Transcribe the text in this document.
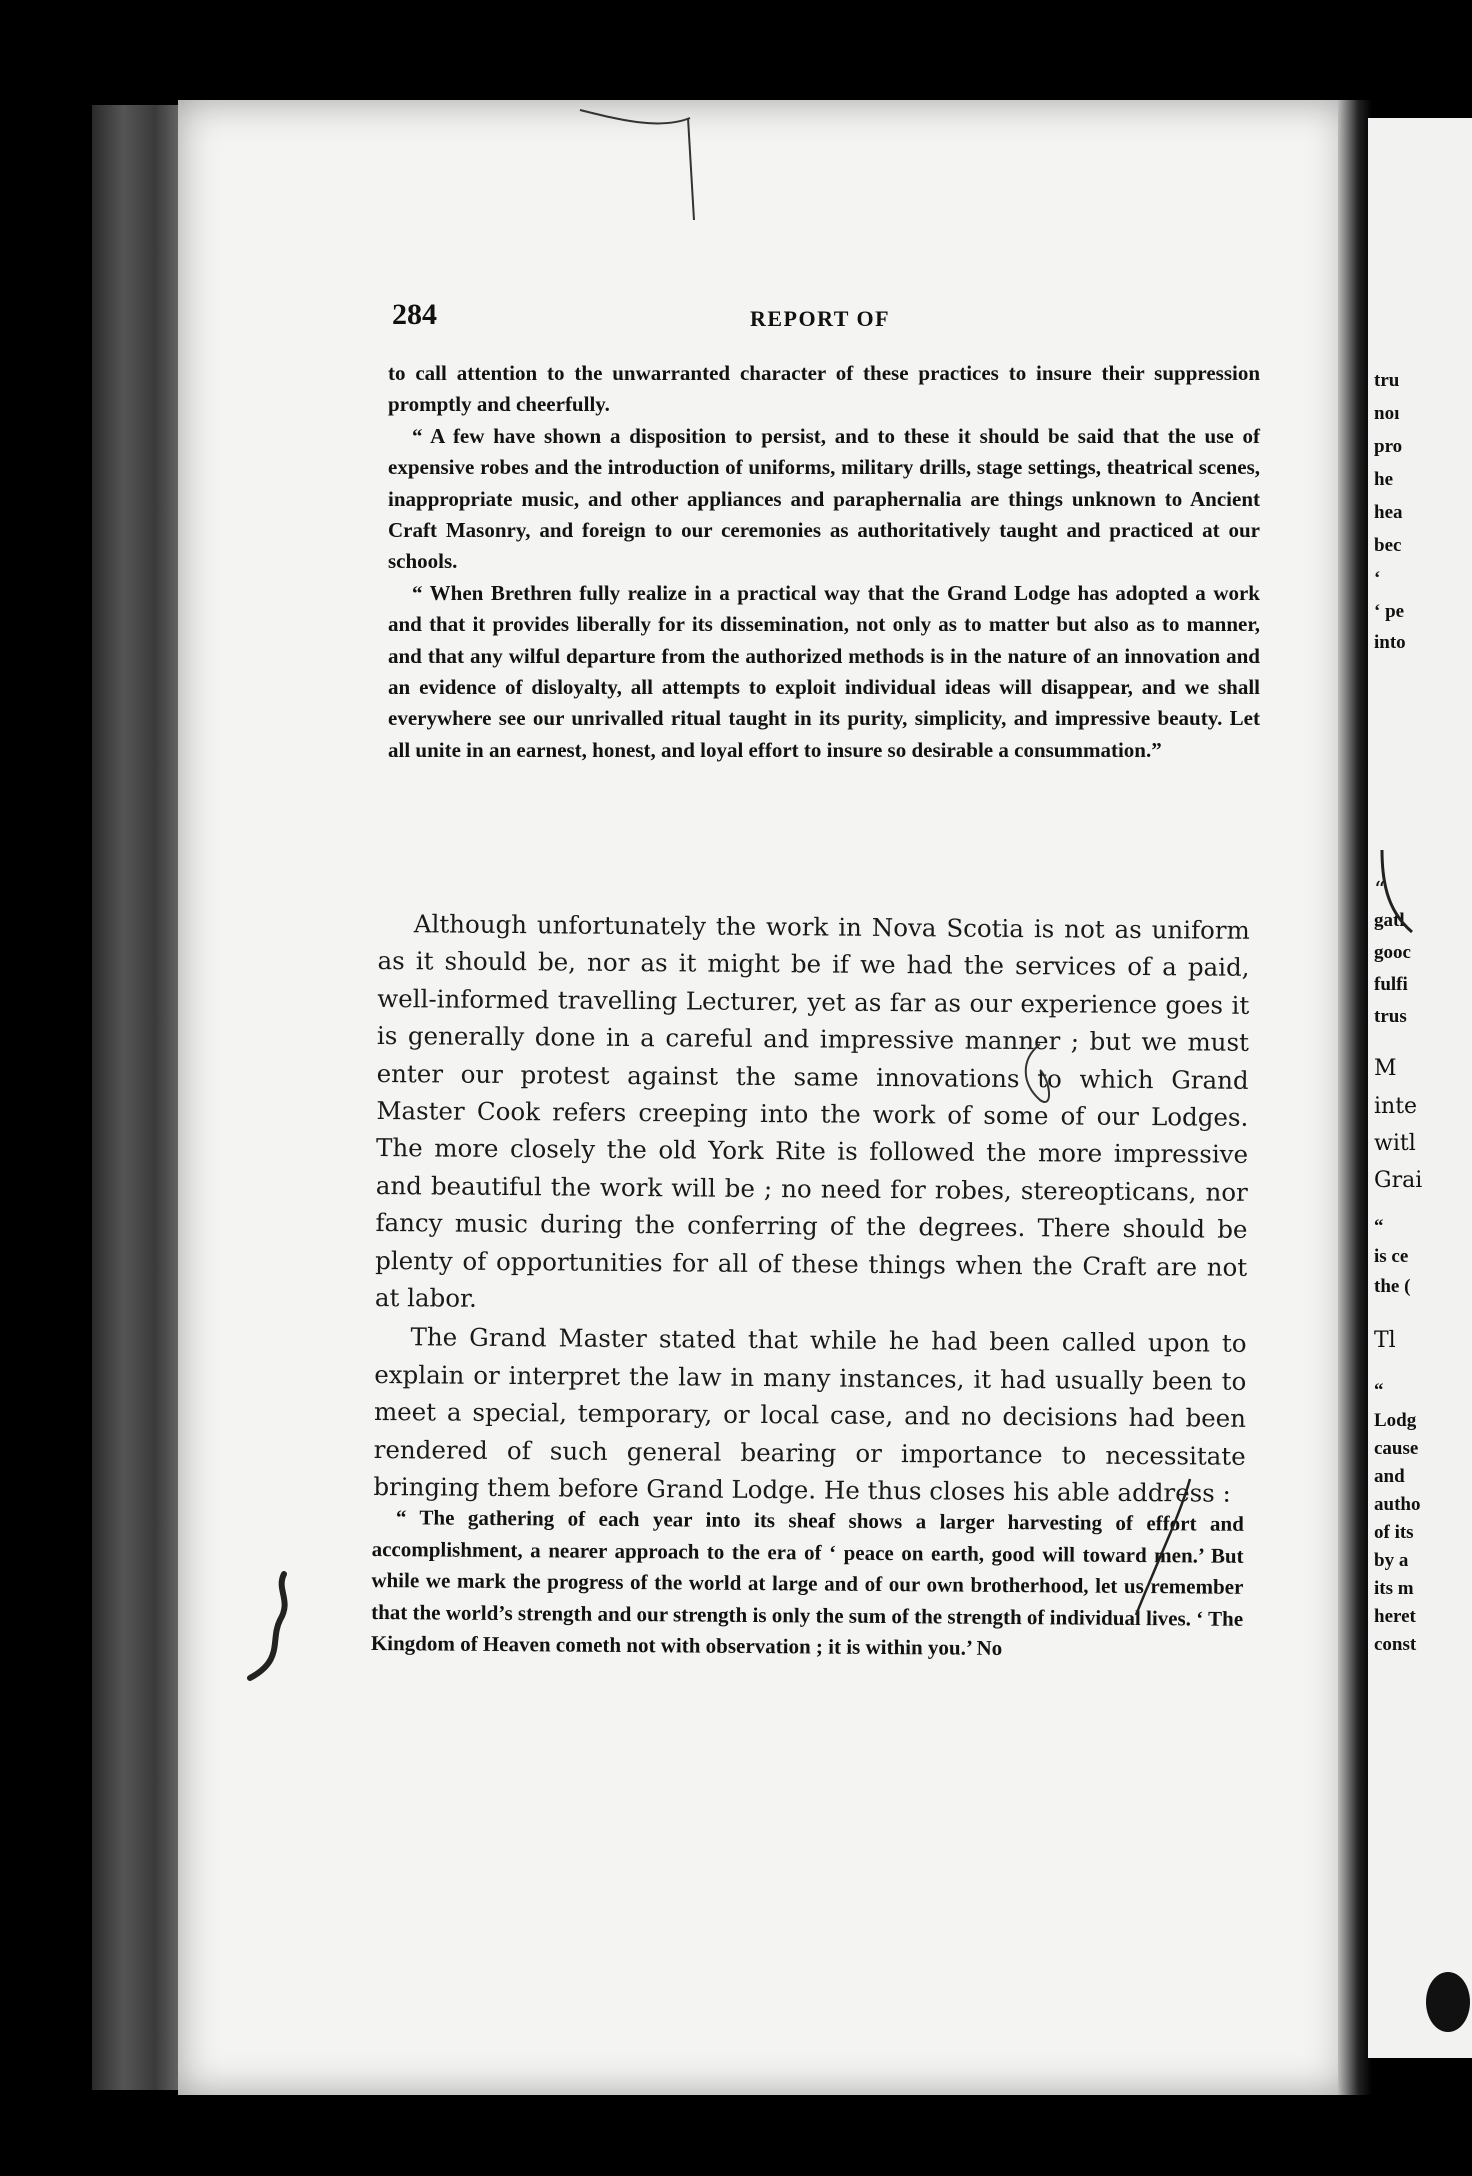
tru
noı
pro
he
hea
bec
‘
‘ pe
into
“
gatl
gooc
fulfi
trus
M
inte
witl
Grai
“
is ce
the (
Tl
“
Lodg
cause
and
autho
of its
by a
its m
heret
const
284	REPORT OF

to call attention to the unwarranted character of these practices to insure their suppression promptly and cheerfully.

“ A few have shown a disposition to persist, and to these it should be said that the use of expensive robes and the introduction of uniforms, military drills, stage settings, theatrical scenes, inappropriate music, and other appliances and paraphernalia are things unknown to Ancient Craft Masonry, and foreign to our ceremonies as authoritatively taught and practiced at our schools.

“ When Brethren fully realize in a practical way that the Grand Lodge has adopted a work and that it provides liberally for its dissemination, not only as to matter but also as to manner, and that any wilful departure from the authorized methods is in the nature of an innovation and an evidence of disloyalty, all attempts to exploit individual ideas will disappear, and we shall everywhere see our unrivalled ritual taught in its purity, simplicity, and impressive beauty. Let all unite in an earnest, honest, and loyal effort to insure so desirable a consummation.”

Although unfortunately the work in Nova Scotia is not as uniform as it should be, nor as it might be if we had the services of a paid, well-informed travelling Lecturer, yet as far as our experience goes it is generally done in a careful and impressive manner ; but we must enter our protest against the same innovations to which Grand Master Cook refers creeping into the work of some of our Lodges. The more closely the old York Rite is followed the more impressive and beautiful the work will be ; no need for robes, stereopticans, nor fancy music during the conferring of the degrees. There should be plenty of opportunities for all of these things when the Craft are not at labor.

The Grand Master stated that while he had been called upon to explain or interpret the law in many instances, it had usually been to meet a special, temporary, or local case, and no decisions had been rendered of such general bearing or importance to necessitate bringing them before Grand Lodge. He thus closes his able address :

“ The gathering of each year into its sheaf shows a larger harvesting of effort and accomplishment, a nearer approach to the era of ‘ peace on earth, good will toward men.’ But while we mark the progress of the world at large and of our own brotherhood, let us remember that the world’s strength and our strength is only the sum of the strength of individual lives. ‘ The Kingdom of Heaven cometh not with observation ; it is within you.’ No
